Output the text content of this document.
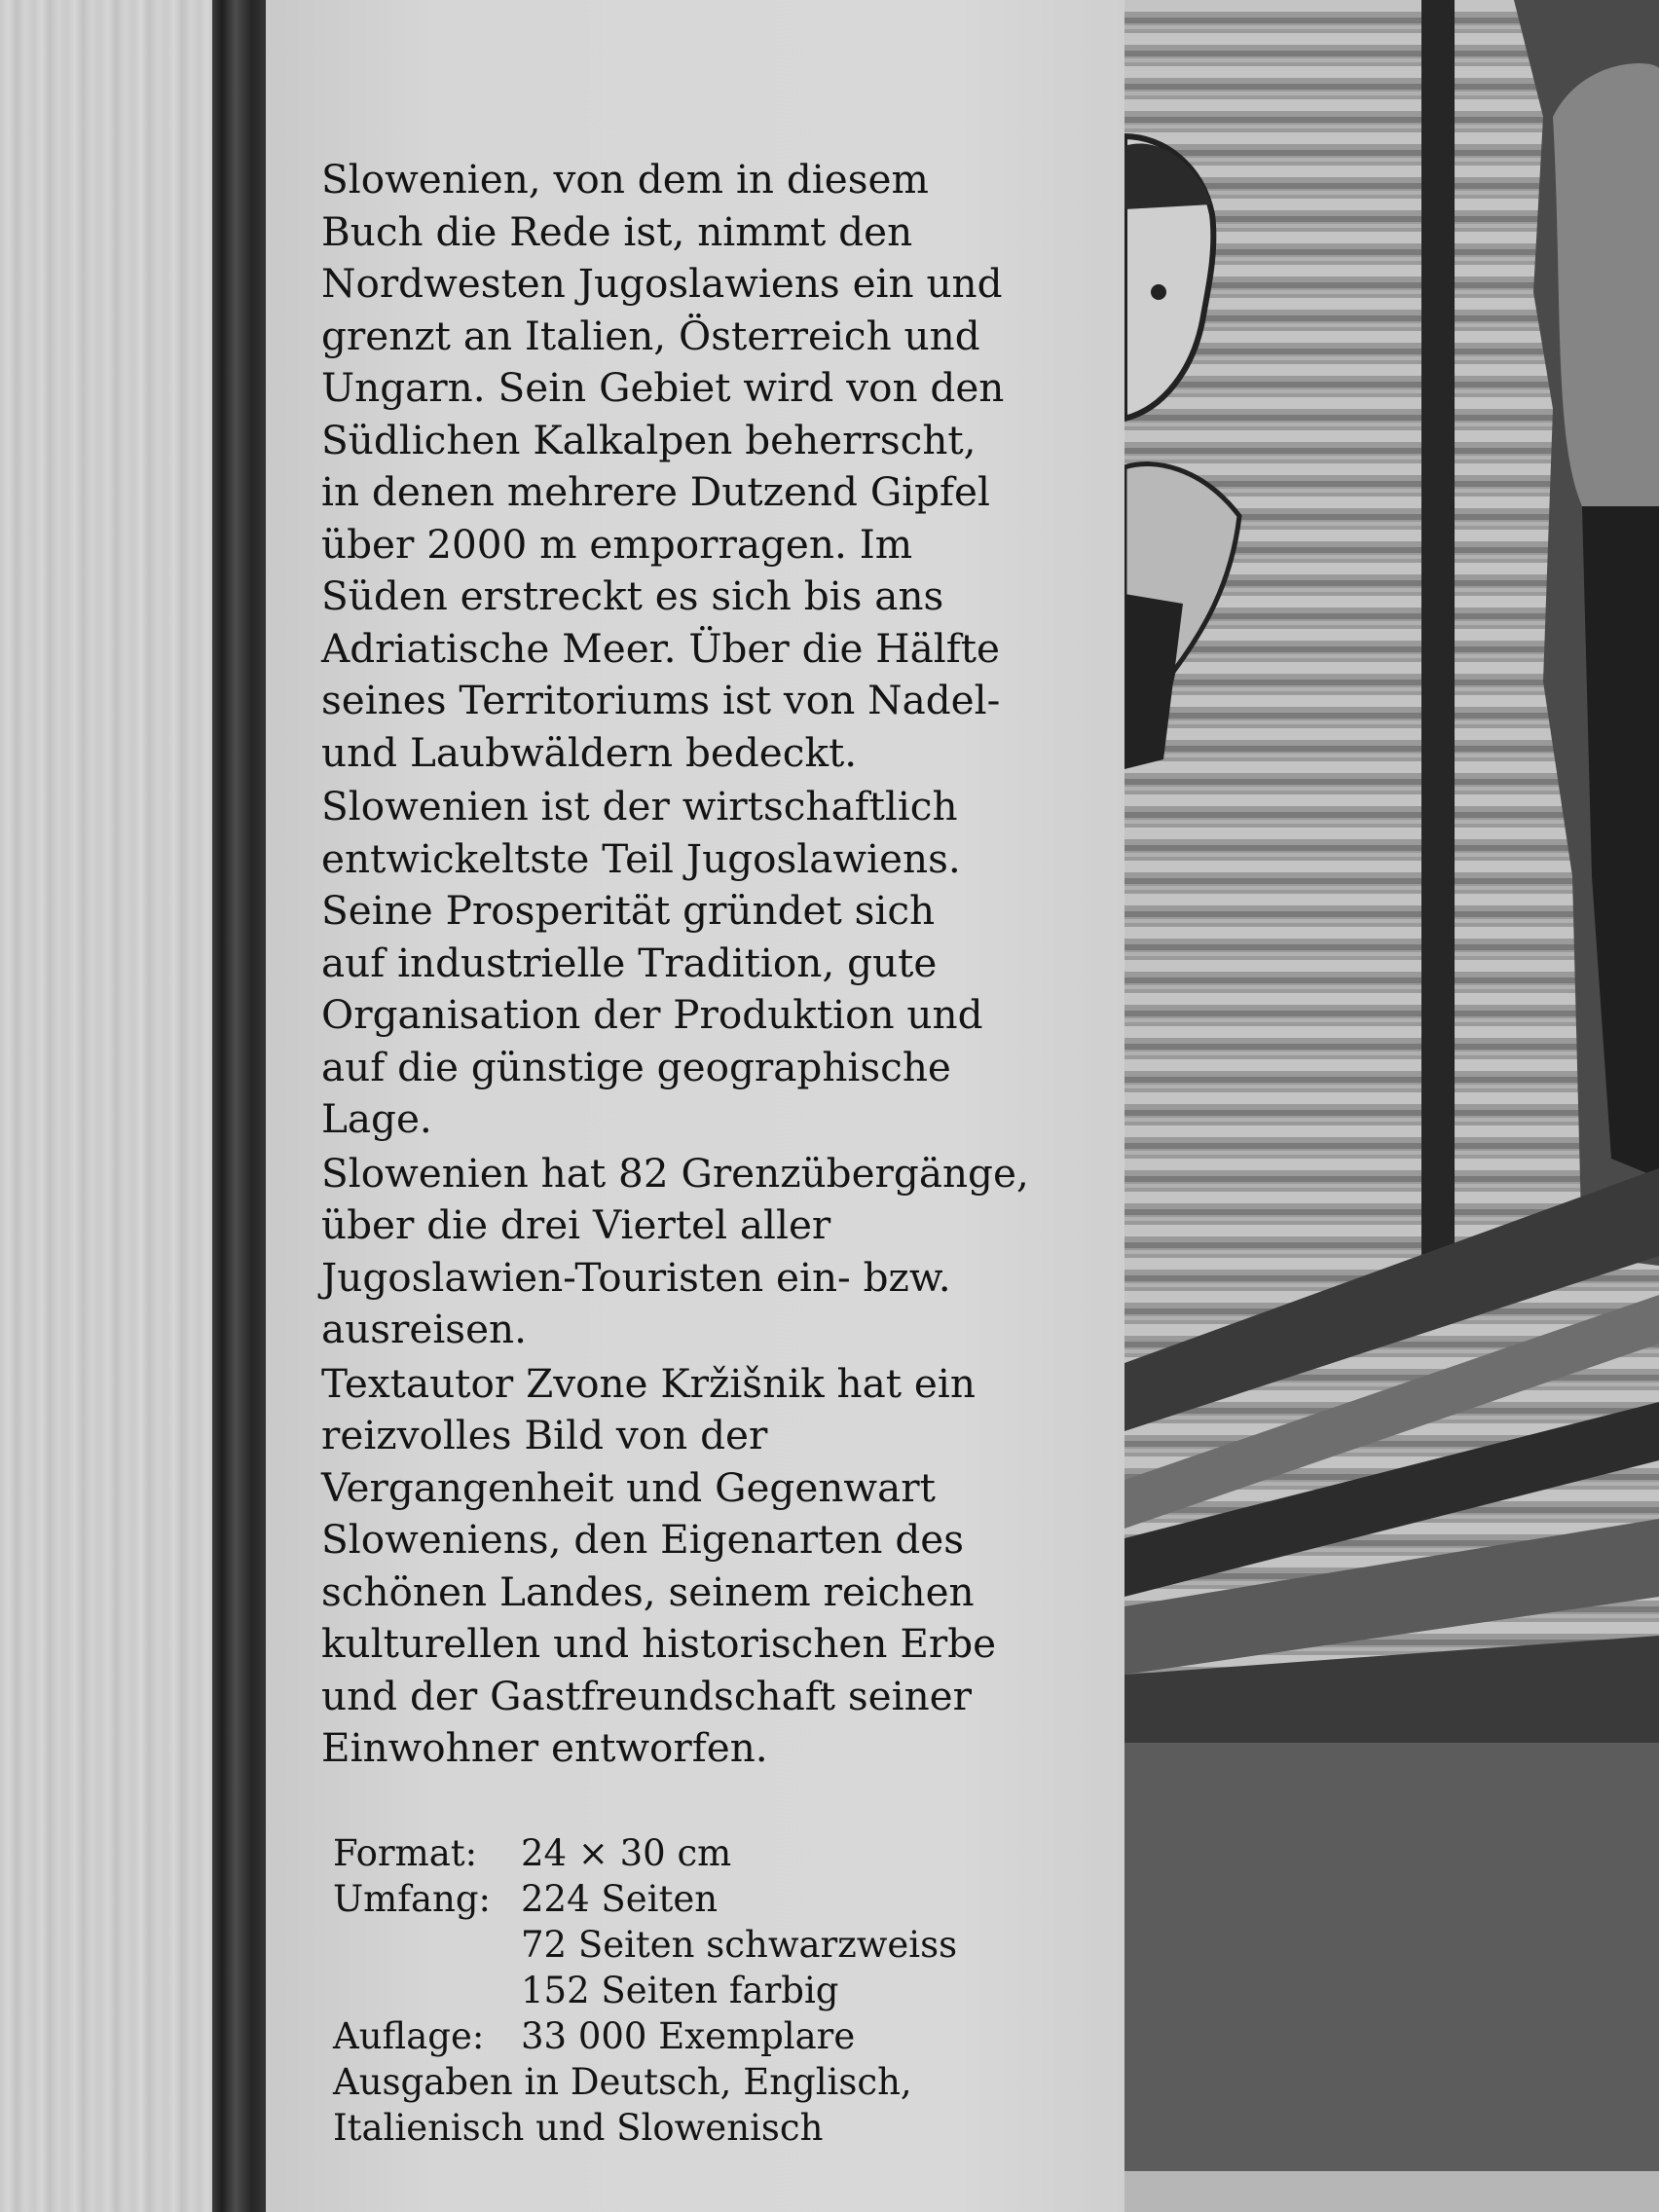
Slowenien, von dem in diesem
Buch die Rede ist, nimmt den
Nordwesten Jugoslawiens ein und
grenzt an Italien, Österreich und
Ungarn. Sein Gebiet wird von den
Südlichen Kalkalpen beherrscht,
in denen mehrere Dutzend Gipfel
über 2000 m emporragen. Im
Süden erstreckt es sich bis ans
Adriatische Meer. Über die Hälfte
seines Territoriums ist von Nadel-
und Laubwäldern bedeckt.
Slowenien ist der wirtschaftlich
entwickeltste Teil Jugoslawiens.
Seine Prosperität gründet sich
auf industrielle Tradition, gute
Organisation der Produktion und
auf die günstige geographische
Lage.
Slowenien hat 82 Grenzübergänge,
über die drei Viertel aller
Jugoslawien-Touristen ein- bzw.
ausreisen.
Textautor Zvone Kržišnik hat ein
reizvolles Bild von der
Vergangenheit und Gegenwart
Sloweniens, den Eigenarten des
schönen Landes, seinem reichen
kulturellen und historischen Erbe
und der Gastfreundschaft seiner
Einwohner entworfen.
Format:	24 × 30 cm
Umfang: 224 Seiten
72 Seiten schwarzweiss
152 Seiten farbig
Auflage:	33 000 Exemplare
Ausgaben in Deutsch, Englisch,
Italienisch und Slowenisch
